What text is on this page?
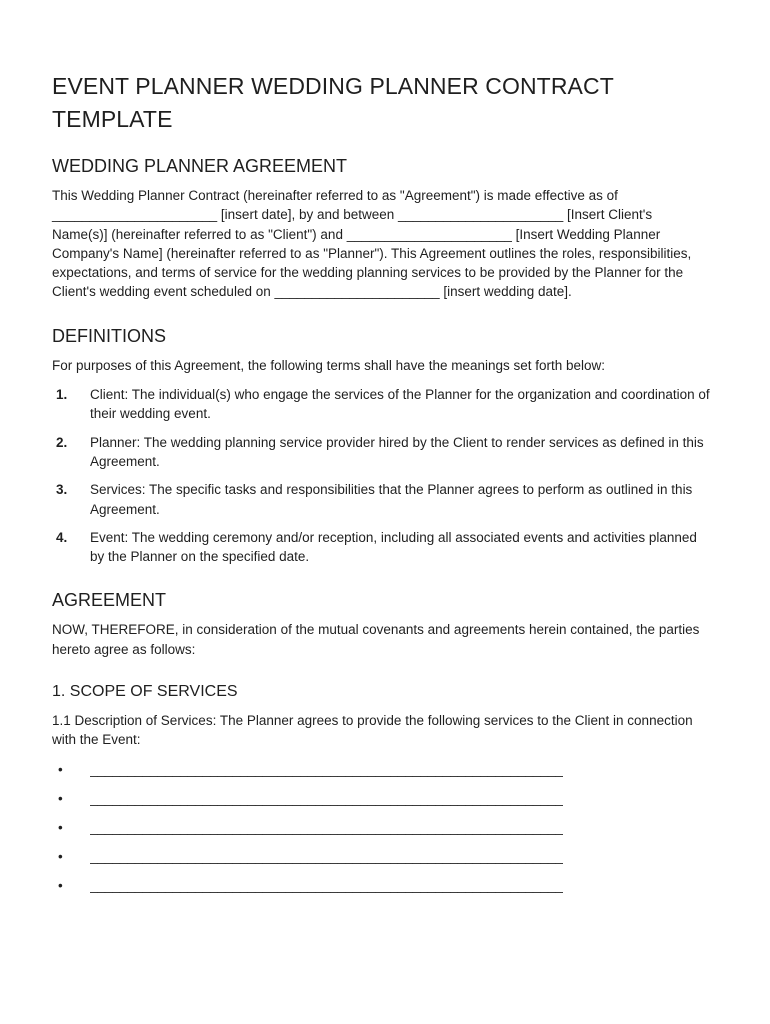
EVENT PLANNER WEDDING PLANNER CONTRACT TEMPLATE
WEDDING PLANNER AGREEMENT

This Wedding Planner Contract (hereinafter referred to as "Agreement") is made effective as of ______________________ [insert date], by and between ______________________ [Insert Client's Name(s)] (hereinafter referred to as "Client") and ______________________ [Insert Wedding Planner Company's Name] (hereinafter referred to as "Planner"). This Agreement outlines the roles, responsibilities, expectations, and terms of service for the wedding planning services to be provided by the Planner for the Client's wedding event scheduled on ______________________ [insert wedding date].

DEFINITIONS

For purposes of this Agreement, the following terms shall have the meanings set forth below:

1.	Client: The individual(s) who engage the services of the Planner for the organization and coordination of their wedding event.
2.	Planner: The wedding planning service provider hired by the Client to render services as defined in this Agreement.
3.	Services: The specific tasks and responsibilities that the Planner agrees to perform as outlined in this Agreement.
4.	Event: The wedding ceremony and/or reception, including all associated events and activities planned by the Planner on the specified date.
AGREEMENT

NOW, THEREFORE, in consideration of the mutual covenants and agreements herein contained, the parties hereto agree as follows:

1. SCOPE OF SERVICES

1.1 Description of Services: The Planner agrees to provide the following services to the Client in connection with the Event:

•	_______________________________________________________________
•	_______________________________________________________________
•	_______________________________________________________________
•	_______________________________________________________________
•	_______________________________________________________________
